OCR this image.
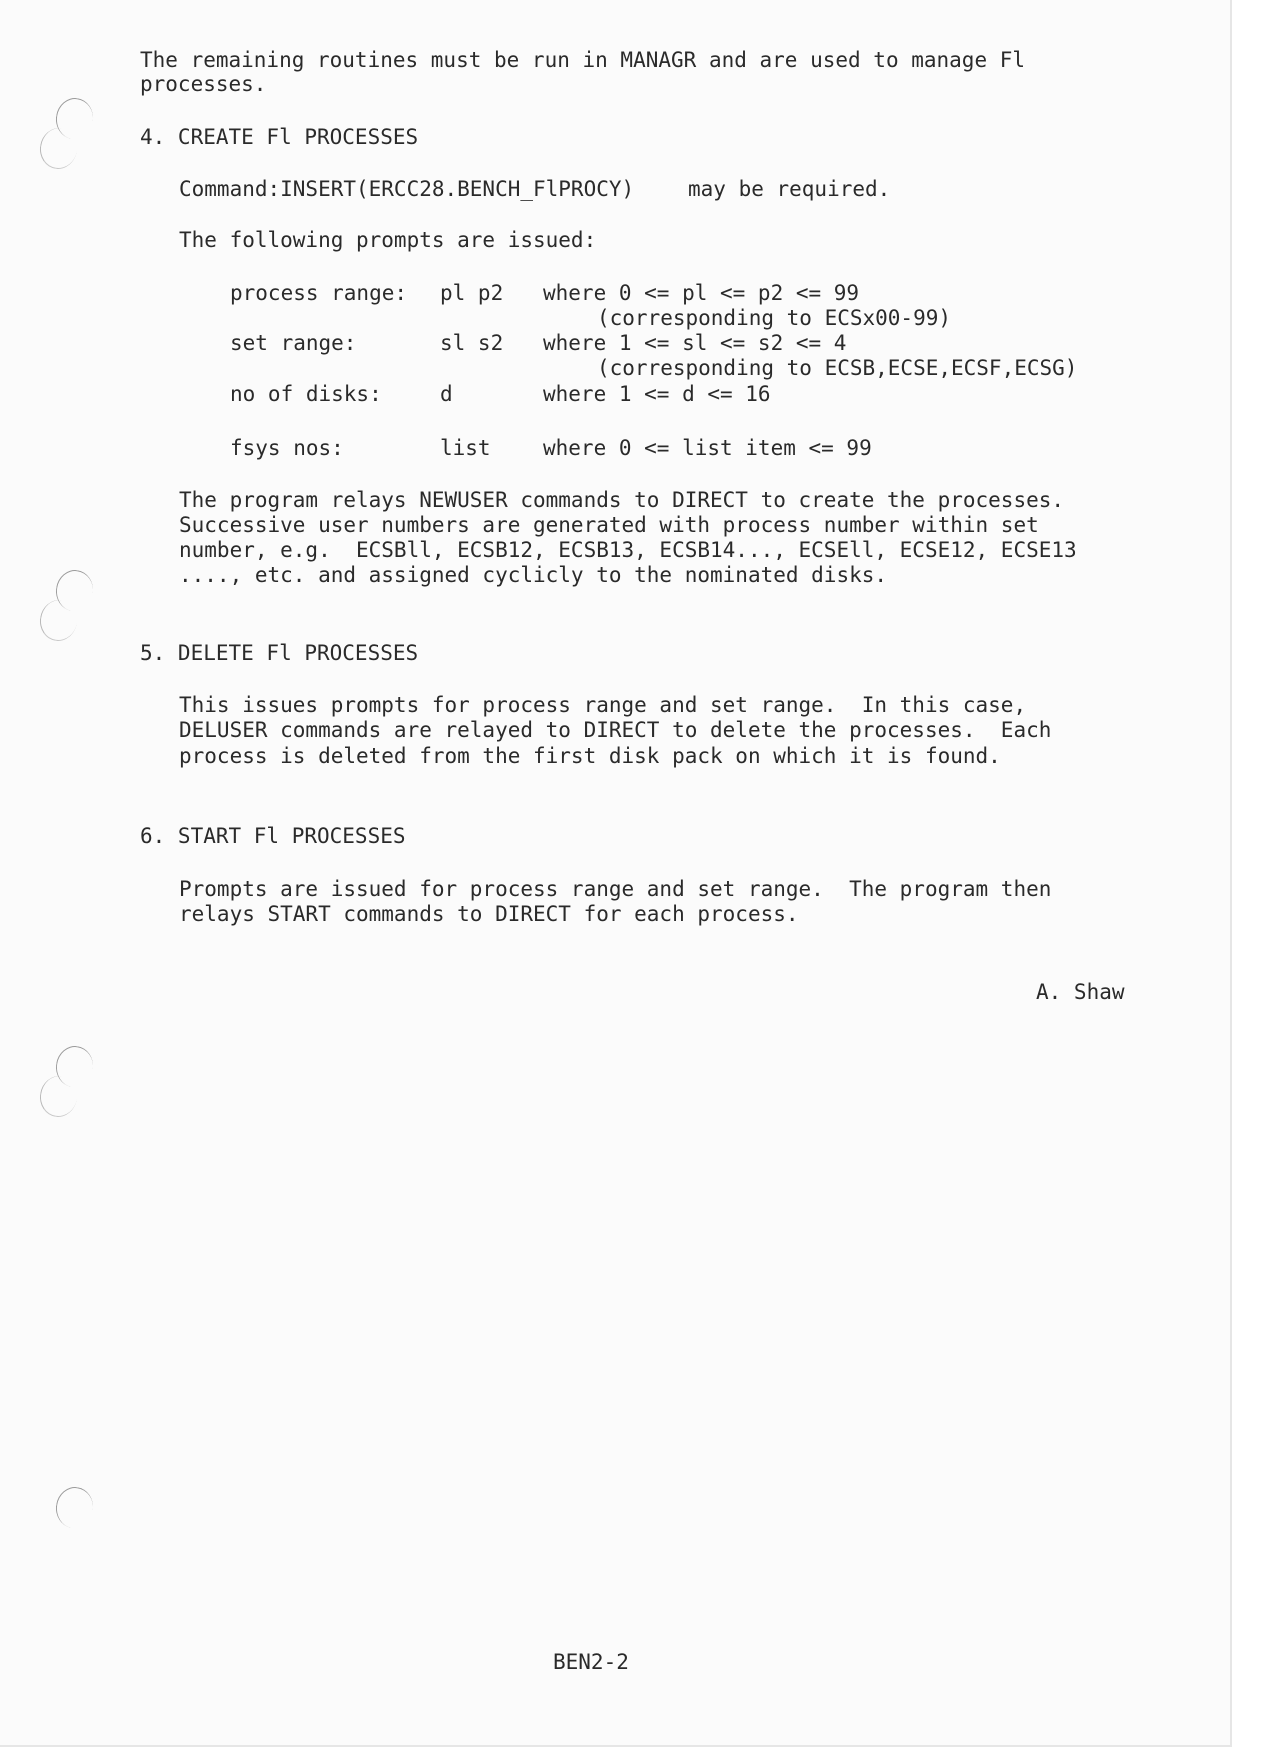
The remaining routines must be run in MANAGR and are used to manage Fl

processes.

4. CREATE Fl PROCESSES

Command:INSERT(ERCC28.BENCH_FlPROCY)	may be required.

The following prompts are issued:

process range: pl p2 where 0 <= pl <= p2 <= 99

(corresponding to ECSx00-99)

set range:	sl s2 where 1 <= sl <= s2 <= 4

(corresponding to ECSB,ECSE,ECSF,ECSG)

no of disks:	d	where 1 <= d <= 16

fsys nos:	list where 0 <= list item <= 99

The program relays NEWUSER commands to DIRECT to create the processes.

Successive user numbers are generated with process number within set

number, e.g.  ECSBll, ECSB12, ECSB13, ECSB14..., ECSEll, ECSE12, ECSE13

...., etc. and assigned cyclicly to the nominated disks.

5. DELETE Fl PROCESSES

This issues prompts for process range and set range.  In this case,

DELUSER commands are relayed to DIRECT to delete the processes.  Each

process is deleted from the first disk pack on which it is found.

6. START Fl PROCESSES

Prompts are issued for process range and set range.  The program then

relays START commands to DIRECT for each process.

A. Shaw

BEN2-2
